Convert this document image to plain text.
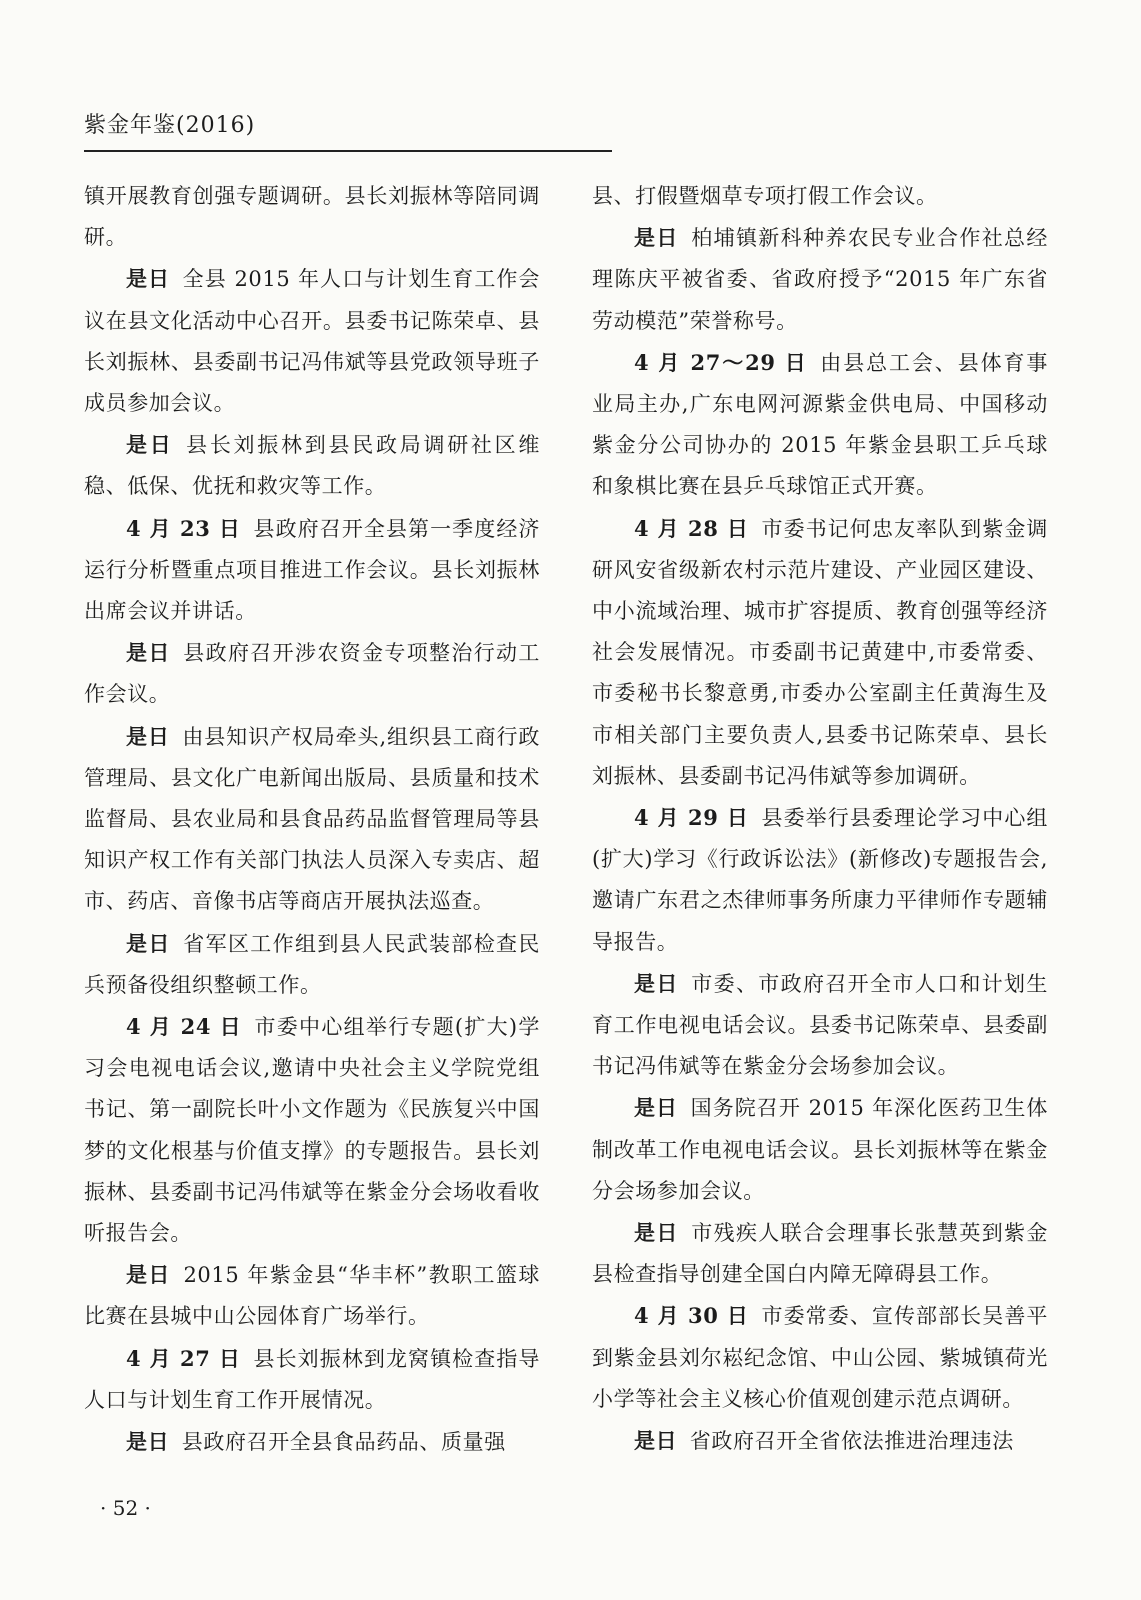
紫金年鉴(2016)

镇开展教育创强专题调研。县长刘振林等陪同调研。

是日 全县 2015 年人口与计划生育工作会议在县文化活动中心召开。县委书记陈荣卓、县长刘振林、县委副书记冯伟斌等县党政领导班子成员参加会议。

是日 县长刘振林到县民政局调研社区维稳、低保、优抚和救灾等工作。

4 月 23 日 县政府召开全县第一季度经济运行分析暨重点项目推进工作会议。县长刘振林出席会议并讲话。

是日 县政府召开涉农资金专项整治行动工作会议。

是日 由县知识产权局牵头,组织县工商行政管理局、县文化广电新闻出版局、县质量和技术监督局、县农业局和县食品药品监督管理局等县知识产权工作有关部门执法人员深入专卖店、超市、药店、音像书店等商店开展执法巡查。

是日 省军区工作组到县人民武装部检查民兵预备役组织整顿工作。

4 月 24 日 市委中心组举行专题(扩大)学习会电视电话会议,邀请中央社会主义学院党组书记、第一副院长叶小文作题为《民族复兴中国梦的文化根基与价值支撑》的专题报告。县长刘振林、县委副书记冯伟斌等在紫金分会场收看收听报告会。

是日 2015 年紫金县“华丰杯”教职工篮球比赛在县城中山公园体育广场举行。

4 月 27 日 县长刘振林到龙窝镇检查指导人口与计划生育工作开展情况。

是日 县政府召开全县食品药品、质量强

县、打假暨烟草专项打假工作会议。

是日 柏埔镇新科种养农民专业合作社总经理陈庆平被省委、省政府授予“2015 年广东省劳动模范”荣誉称号。

4 月 27～29 日 由县总工会、县体育事业局主办,广东电网河源紫金供电局、中国移动紫金分公司协办的 2015 年紫金县职工乒乓球和象棋比赛在县乒乓球馆正式开赛。

4 月 28 日 市委书记何忠友率队到紫金调研风安省级新农村示范片建设、产业园区建设、中小流域治理、城市扩容提质、教育创强等经济社会发展情况。市委副书记黄建中,市委常委、市委秘书长黎意勇,市委办公室副主任黄海生及市相关部门主要负责人,县委书记陈荣卓、县长刘振林、县委副书记冯伟斌等参加调研。

4 月 29 日 县委举行县委理论学习中心组(扩大)学习《行政诉讼法》(新修改)专题报告会,邀请广东君之杰律师事务所康力平律师作专题辅导报告。

是日 市委、市政府召开全市人口和计划生育工作电视电话会议。县委书记陈荣卓、县委副书记冯伟斌等在紫金分会场参加会议。

是日 国务院召开 2015 年深化医药卫生体制改革工作电视电话会议。县长刘振林等在紫金分会场参加会议。

是日 市残疾人联合会理事长张慧英到紫金县检查指导创建全国白内障无障碍县工作。

4 月 30 日 市委常委、宣传部部长吴善平到紫金县刘尔崧纪念馆、中山公园、紫城镇荷光小学等社会主义核心价值观创建示范点调研。

是日 省政府召开全省依法推进治理违法

· 52 ·
